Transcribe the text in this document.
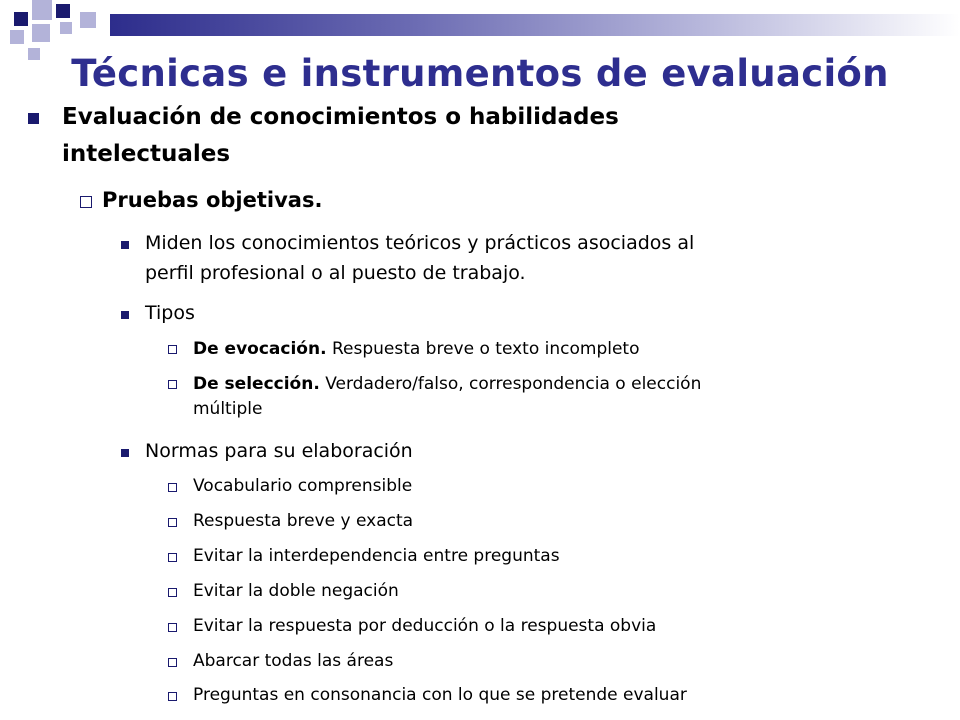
Técnicas e instrumentos de evaluación
Evaluación de conocimientos o habilidades
intelectuales
Pruebas objetivas.
Miden los conocimientos teóricos y prácticos asociados al
perfil profesional o al puesto de trabajo.
Tipos
De evocación. Respuesta breve o texto incompleto
De selección. Verdadero/falso, correspondencia o elección
múltiple
Normas para su elaboración
Vocabulario comprensible
Respuesta breve y exacta
Evitar la interdependencia entre preguntas
Evitar la doble negación
Evitar la respuesta por deducción o la respuesta obvia
Abarcar todas las áreas
Preguntas en consonancia con lo que se pretende evaluar
